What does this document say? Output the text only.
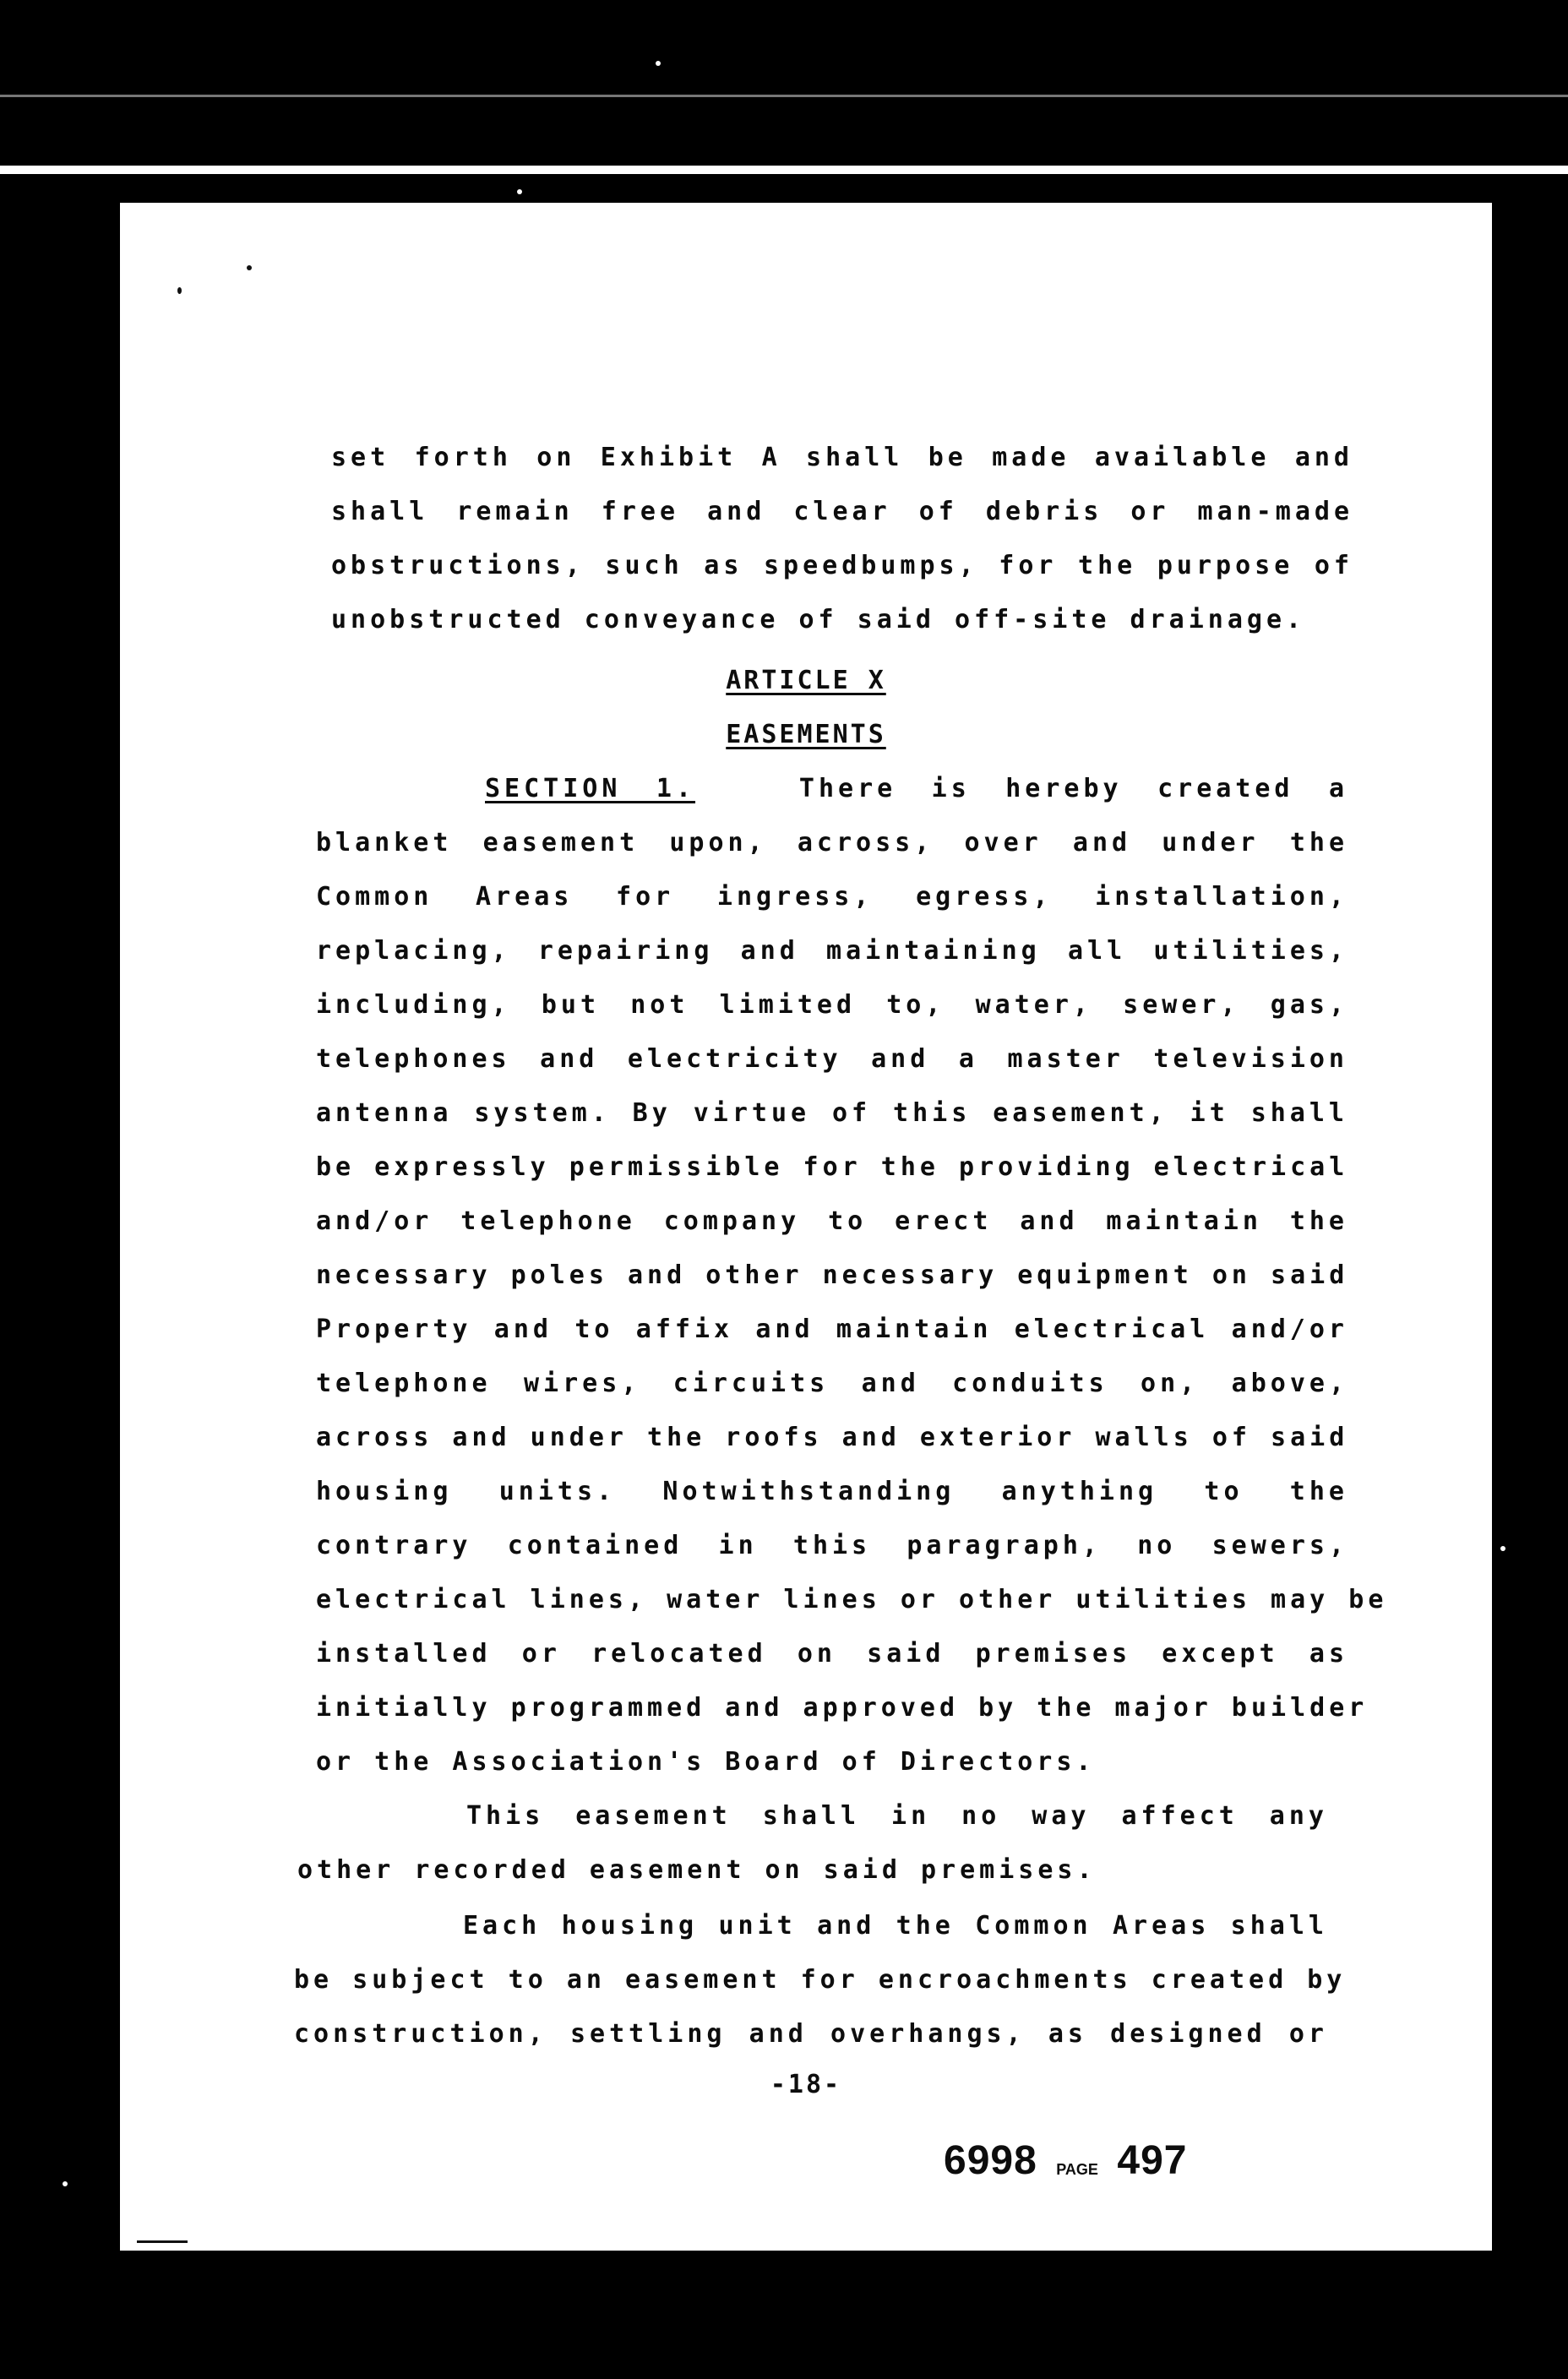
set forth on Exhibit A shall be made available and
shall remain free and clear of debris or man-made
obstructions, such as speedbumps, for the purpose of
unobstructed conveyance of said off-site drainage.
ARTICLE X
EASEMENTS
SECTION 1.	There is hereby created a
blanket easement upon, across, over and under the
Common Areas for ingress, egress, installation,
replacing, repairing and maintaining all utilities,
including, but not limited to, water, sewer, gas,
telephones and electricity and a master television
antenna system. By virtue of this easement, it shall
be expressly permissible for the providing electrical
and/or telephone company to erect and maintain the
necessary poles and other necessary equipment on said
Property and to affix and maintain electrical and/or
telephone wires, circuits and conduits on, above,
across and under the roofs and exterior walls of said
housing units. Notwithstanding anything to the
contrary contained in this paragraph, no sewers,
electrical lines, water lines or other utilities may be
installed or relocated on said premises except as
initially programmed and approved by the major builder
or the Association's Board of Directors.
This easement shall in no way affect any
other recorded easement on said premises.
Each housing unit and the Common Areas shall
be subject to an easement for encroachments created by
construction, settling and overhangs, as designed or
-18-
6998 PAGE 497
